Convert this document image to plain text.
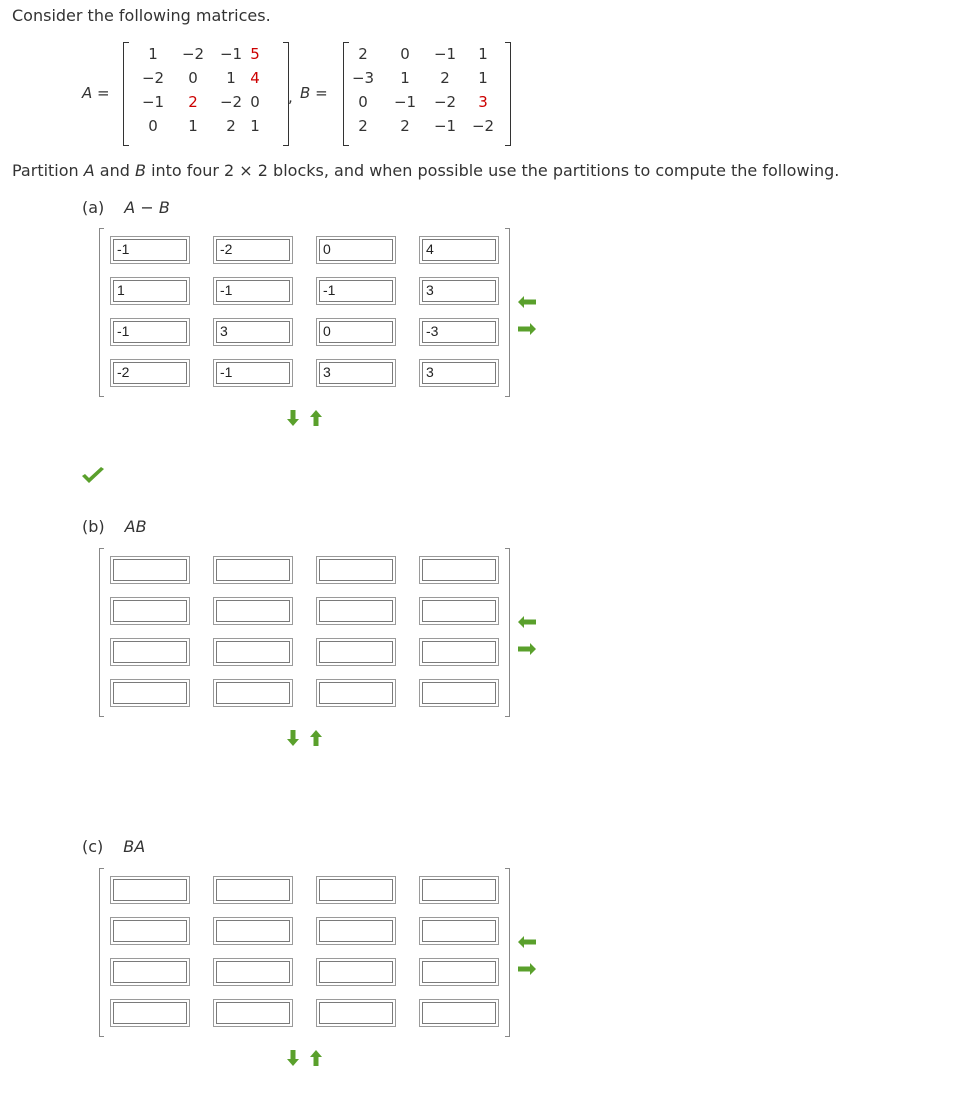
Consider the following matrices.
A =
1	−2 −1 5
−2	0	1 4
−1	2	−2 0
0	1	2 1
, B =
2	0	−1	1
−3	1	2	1
0	−1 −2	3
2	2	−1 −2
Partition A and B into four 2 × 2 blocks, and when possible use the partitions to compute the following.
(a) A − B
-1	-2	0	4
1	-1	-1	3
-1	3	0	-3
-2	-1	3	3
(b) AB
(c) BA
